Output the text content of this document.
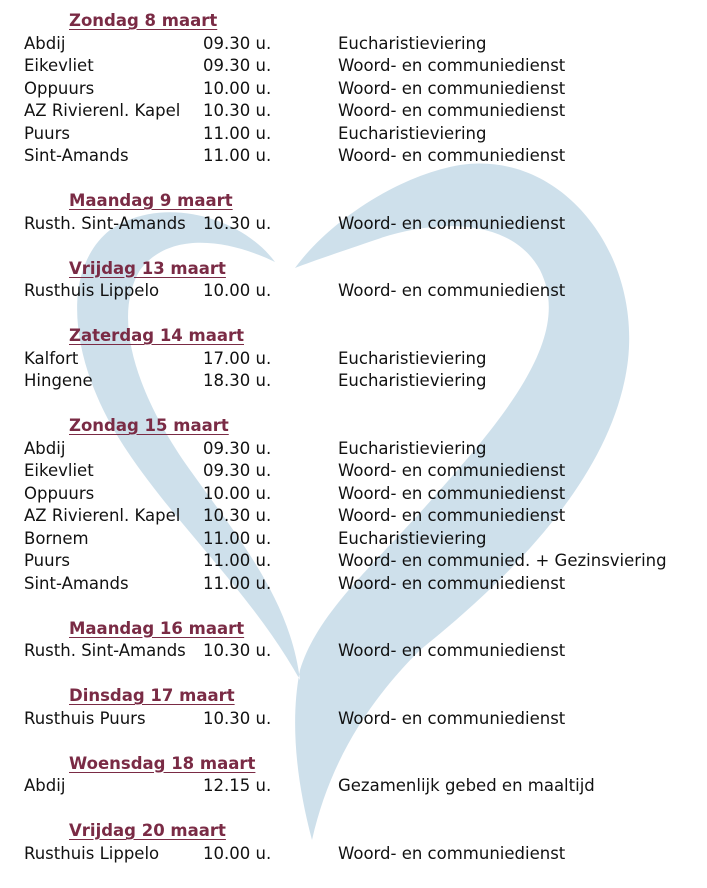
Zondag 8 maart
Abdij	09.30 u.	Eucharistieviering
Eikevliet	09.30 u.	Woord- en communiedienst
Oppuurs	10.00 u.	Woord- en communiedienst
AZ Rivierenl. Kapel	10.30 u.	Woord- en communiedienst
Puurs	11.00 u.	Eucharistieviering
Sint-Amands	11.00 u.	Woord- en communiedienst
Maandag 9 maart
Rusth. Sint-Amands	10.30 u.	Woord- en communiedienst
Vrijdag 13 maart
Rusthuis Lippelo	10.00 u.	Woord- en communiedienst
Zaterdag 14 maart
Kalfort	17.00 u.	Eucharistieviering
Hingene	18.30 u.	Eucharistieviering
Zondag 15 maart
Abdij	09.30 u.	Eucharistieviering
Eikevliet	09.30 u.	Woord- en communiedienst
Oppuurs	10.00 u.	Woord- en communiedienst
AZ Rivierenl. Kapel	10.30 u.	Woord- en communiedienst
Bornem	11.00 u.	Eucharistieviering
Puurs	11.00 u.	Woord- en communied. + Gezinsviering
Sint-Amands	11.00 u.	Woord- en communiedienst
Maandag 16 maart
Rusth. Sint-Amands	10.30 u.	Woord- en communiedienst
Dinsdag 17 maart
Rusthuis Puurs	10.30 u.	Woord- en communiedienst
Woensdag 18 maart
Abdij	12.15 u.	Gezamenlijk gebed en maaltijd
Vrijdag 20 maart
Rusthuis Lippelo	10.00 u.	Woord- en communiedienst
